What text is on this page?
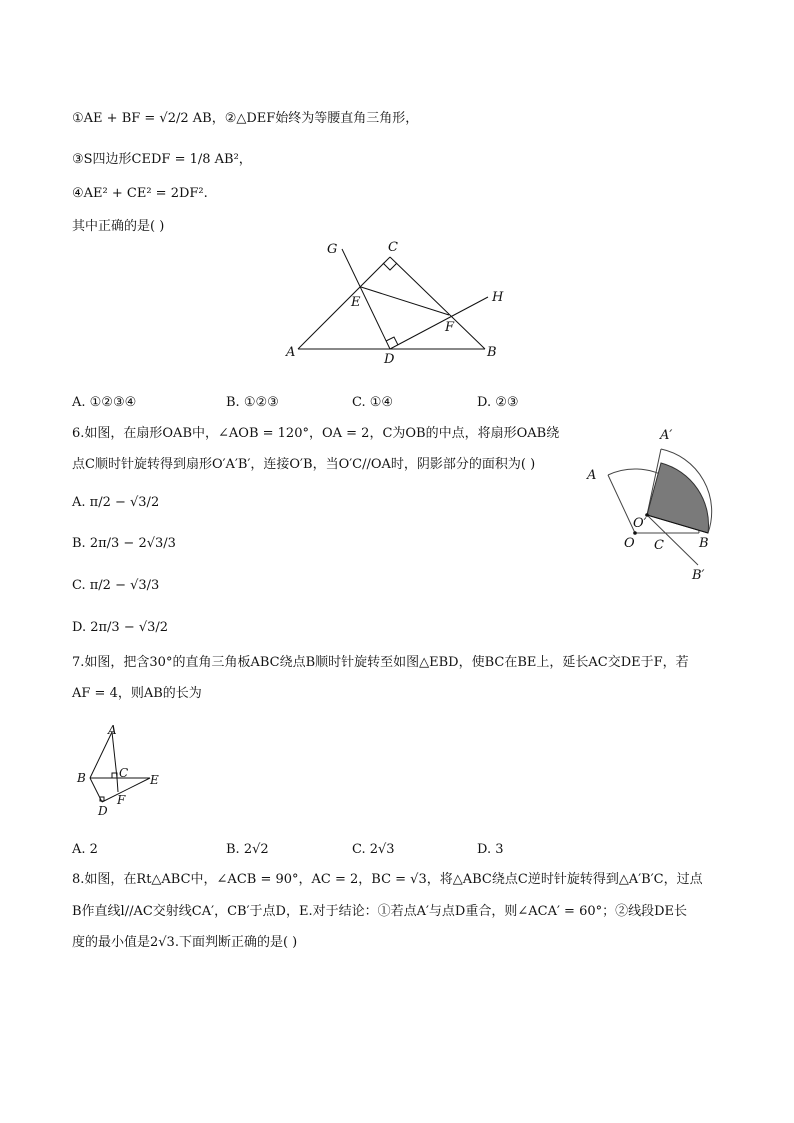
①AE + BF = √2/2 AB，②△DEF始终为等腰直角三角形，
③S四边形CEDF = 1/8 AB²，
④AE² + CE² = 2DF².
其中正确的是( )
G	C
E	H
F
A	D	B
A. ①②③④	B. ①②③	C. ①④	D. ②③
6.如图，在扇形OAB中，∠AOB = 120°，OA = 2，C为OB的中点，将扇形OAB绕
点C顺时针旋转得到扇形O′A′B′，连接O′B，当O′C//OA时，阴影部分的面积为( )
A. π/2 − √3/2
B. 2π/3 − 2√3/3
C. π/2 − √3/3
D. 2π/3 − √3/2
A′
A
O′
O C	B
B′
7.如图，把含30°的直角三角板ABC绕点B顺时针旋转至如图△EBD，使BC在BE上，延长AC交DE于F，若
AF = 4，则AB的长为
A
B	C E
D
F
A. 2	B. 2√2	C. 2√3	D. 3
8.如图，在Rt△ABC中，∠ACB = 90°，AC = 2，BC = √3，将△ABC绕点C逆时针旋转得到△A′B′C，过点
B作直线l//AC交射线CA′，CB′于点D，E.对于结论：①若点A′与点D重合，则∠ACA′ = 60°；②线段DE长
度的最小值是2√3.下面判断正确的是( )
